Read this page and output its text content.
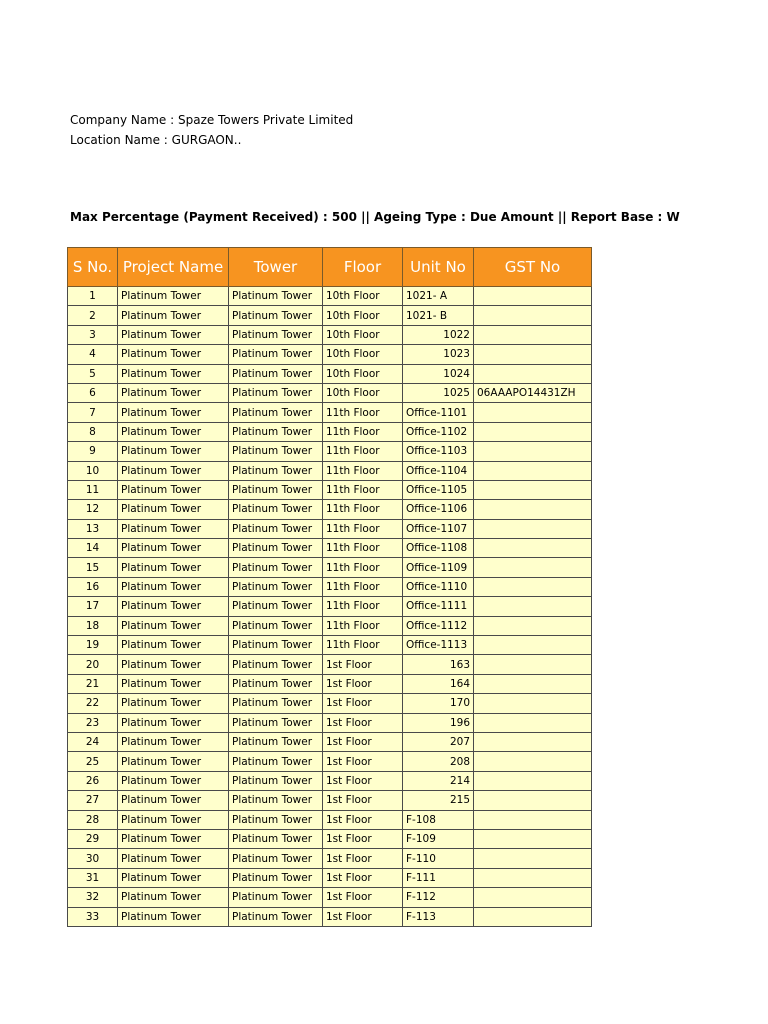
Company Name : Spaze Towers Private Limited
Location Name : GURGAON..
Max Percentage (Payment Received) : 500 || Ageing Type : Due Amount || Report Base : W
S No.	Project Name	Tower	Floor	Unit No	GST No
1	Platinum Tower	Platinum Tower	10th Floor	1021- A	
2	Platinum Tower	Platinum Tower	10th Floor	1021- B	
3	Platinum Tower	Platinum Tower	10th Floor	1022	
4	Platinum Tower	Platinum Tower	10th Floor	1023	
5	Platinum Tower	Platinum Tower	10th Floor	1024	
6	Platinum Tower	Platinum Tower	10th Floor	1025	06AAAPO14431ZH
7	Platinum Tower	Platinum Tower	11th Floor	Office-1101	
8	Platinum Tower	Platinum Tower	11th Floor	Office-1102	
9	Platinum Tower	Platinum Tower	11th Floor	Office-1103	
10	Platinum Tower	Platinum Tower	11th Floor	Office-1104	
11	Platinum Tower	Platinum Tower	11th Floor	Office-1105	
12	Platinum Tower	Platinum Tower	11th Floor	Office-1106	
13	Platinum Tower	Platinum Tower	11th Floor	Office-1107	
14	Platinum Tower	Platinum Tower	11th Floor	Office-1108	
15	Platinum Tower	Platinum Tower	11th Floor	Office-1109	
16	Platinum Tower	Platinum Tower	11th Floor	Office-1110	
17	Platinum Tower	Platinum Tower	11th Floor	Office-1111	
18	Platinum Tower	Platinum Tower	11th Floor	Office-1112	
19	Platinum Tower	Platinum Tower	11th Floor	Office-1113	
20	Platinum Tower	Platinum Tower	1st Floor	163	
21	Platinum Tower	Platinum Tower	1st Floor	164	
22	Platinum Tower	Platinum Tower	1st Floor	170	
23	Platinum Tower	Platinum Tower	1st Floor	196	
24	Platinum Tower	Platinum Tower	1st Floor	207	
25	Platinum Tower	Platinum Tower	1st Floor	208	
26	Platinum Tower	Platinum Tower	1st Floor	214	
27	Platinum Tower	Platinum Tower	1st Floor	215	
28	Platinum Tower	Platinum Tower	1st Floor	F-108	
29	Platinum Tower	Platinum Tower	1st Floor	F-109	
30	Platinum Tower	Platinum Tower	1st Floor	F-110	
31	Platinum Tower	Platinum Tower	1st Floor	F-111	
32	Platinum Tower	Platinum Tower	1st Floor	F-112	
33	Platinum Tower	Platinum Tower	1st Floor	F-113	
